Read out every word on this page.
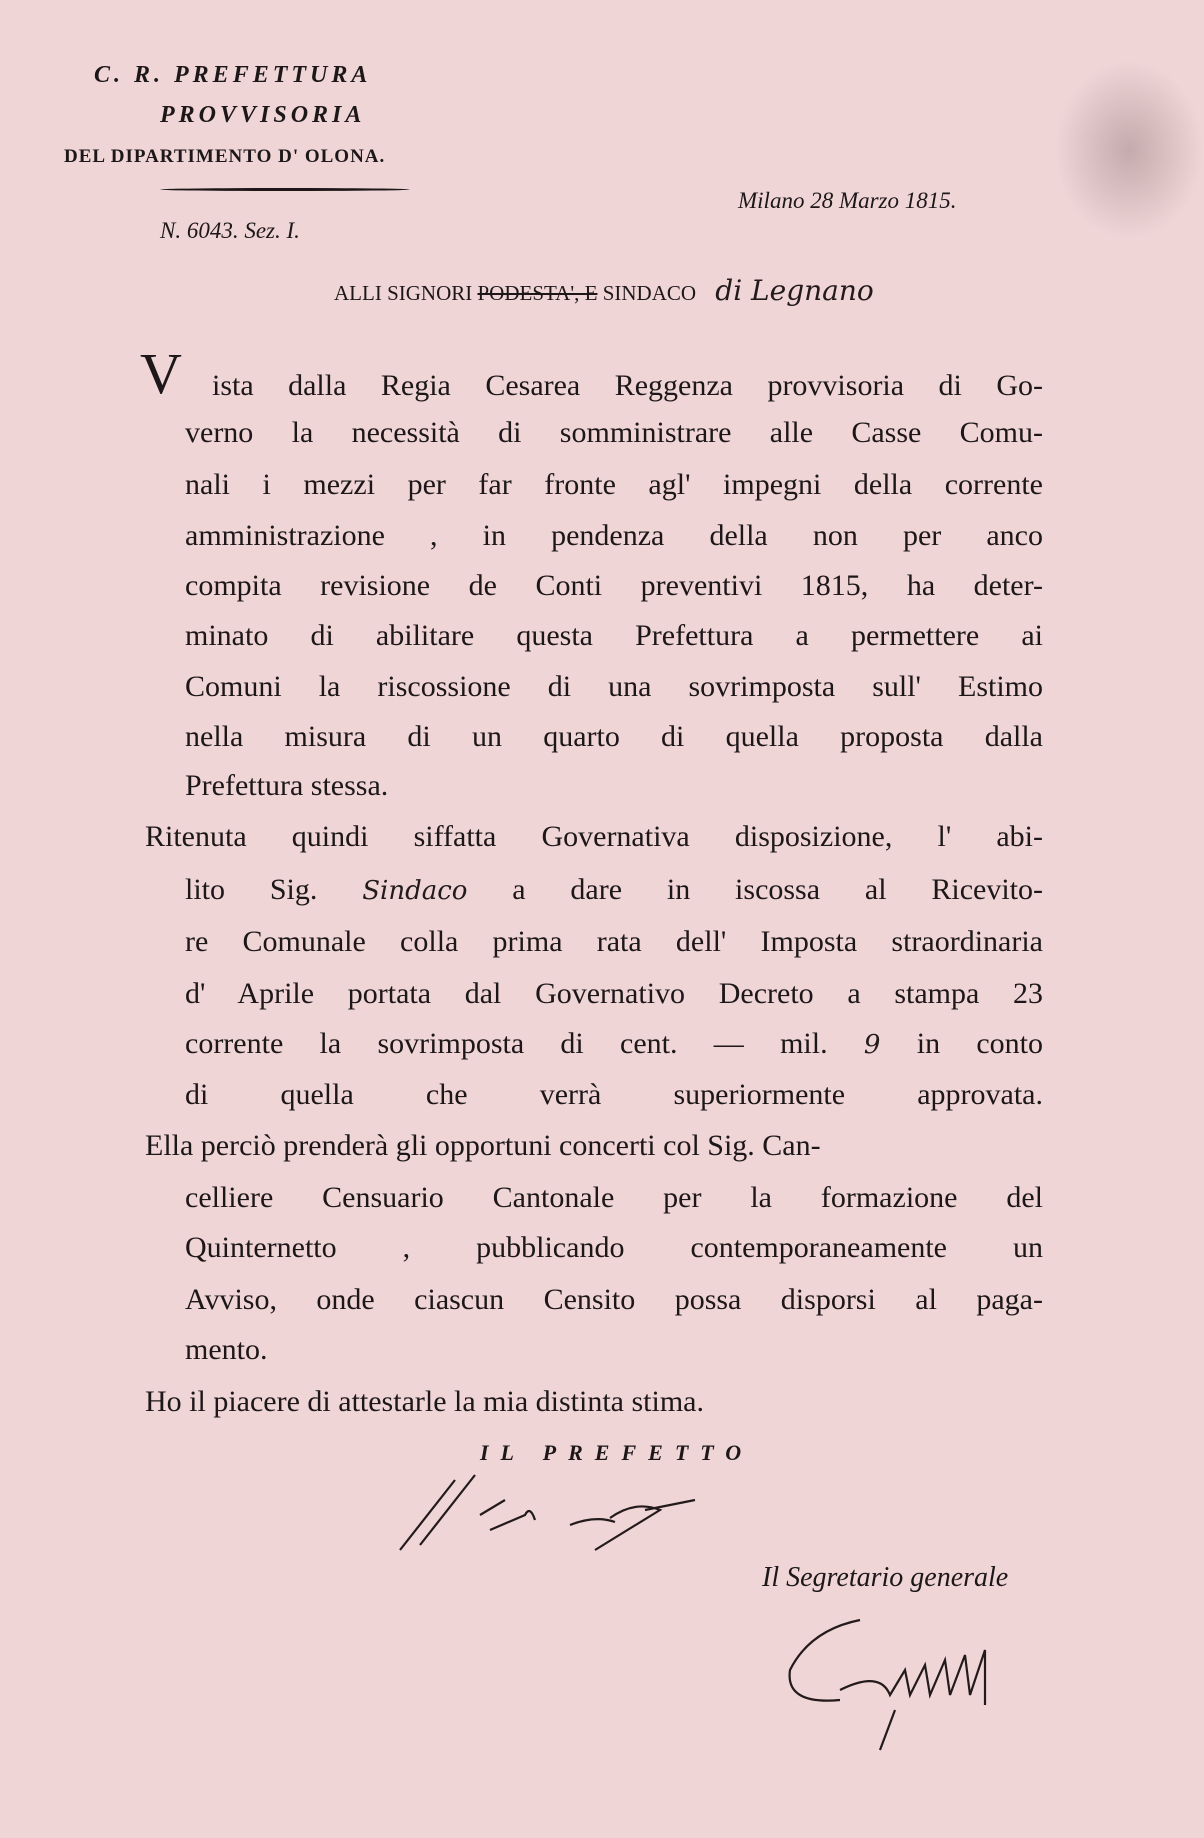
C. R. PREFETTURA
PROVVISORIA
DEL DIPARTIMENTO D' OLONA.
N. 6043. Sez. I.
Milano 28 Marzo 1815.
ALLI SIGNORI PODESTA', E SINDACO di Legnano
V ista dalla Regia Cesarea Reggenza provvisoria di Go-
verno la necessità di somministrare alle Casse Comu-
nali i mezzi per far fronte agl' impegni della corrente
amministrazione , in pendenza della non per anco
compita revisione de Conti preventivi 1815, ha deter-
minato di abilitare questa Prefettura a permettere ai
Comuni la riscossione di una sovrimposta sull' Estimo
nella misura di un quarto di quella proposta dalla
Prefettura stessa.
Ritenuta quindi siffatta Governativa disposizione, l' abi-
lito Sig. Sindaco a dare in iscossa al Ricevito-
re Comunale colla prima rata dell' Imposta straordinaria
d' Aprile portata dal Governativo Decreto a stampa 23
corrente la sovrimposta di cent. — mil. 9 in conto
di quella che verrà superiormente approvata.
Ella perciò prenderà gli opportuni concerti col Sig. Can-
celliere Censuario Cantonale per la formazione del
Quinternetto , pubblicando contemporaneamente un
Avviso, onde ciascun Censito possa disporsi al paga-
mento.
Ho il piacere di attestarle la mia distinta stima.
IL PREFETTO
Il Segretario generale
